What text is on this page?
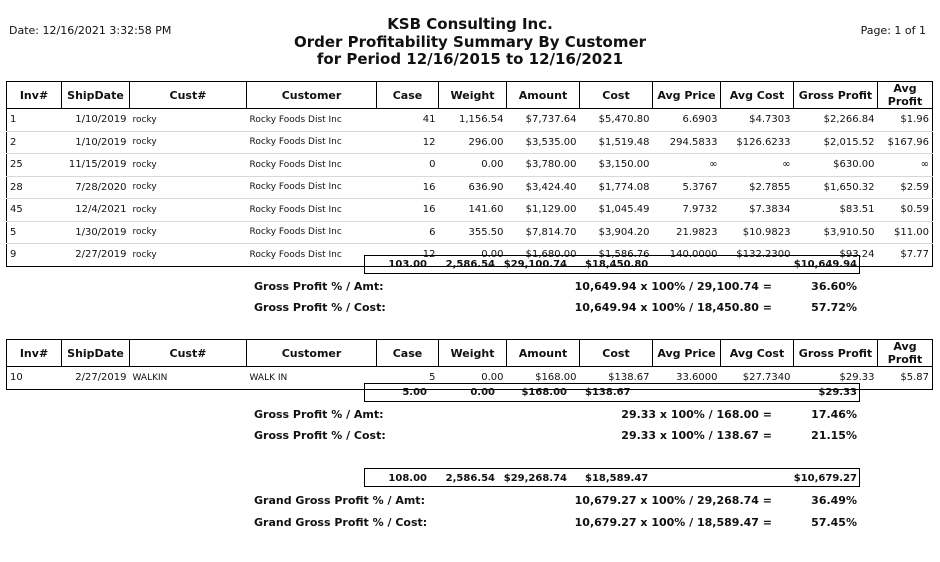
Date: 12/16/2021 3:32:58 PM	Page: 1 of 1
KSB Consulting Inc.
Order Profitability Summary By Customer
for Period 12/16/2015 to 12/16/2021
Inv#	ShipDate	Cust#	Customer	Case	Weight	Amount	Cost	Avg Price	Avg Cost	Gross Profit	Avg Profit
1	1/10/2019	rocky	Rocky Foods Dist Inc	41	1,156.54	$7,737.64	$5,470.80	6.6903	$4.7303	$2,266.84	$1.96
2	1/10/2019	rocky	Rocky Foods Dist Inc	12	296.00	$3,535.00	$1,519.48	294.5833	$126.6233	$2,015.52	$167.96
25	11/15/2019	rocky	Rocky Foods Dist Inc	0	0.00	$3,780.00	$3,150.00	∞	∞	$630.00	∞
28	7/28/2020	rocky	Rocky Foods Dist Inc	16	636.90	$3,424.40	$1,774.08	5.3767	$2.7855	$1,650.32	$2.59
45	12/4/2021	rocky	Rocky Foods Dist Inc	16	141.60	$1,129.00	$1,045.49	7.9732	$7.3834	$83.51	$0.59
5	1/30/2019	rocky	Rocky Foods Dist Inc	6	355.50	$7,814.70	$3,904.20	21.9823	$10.9823	$3,910.50	$11.00
9	2/27/2019	rocky	Rocky Foods Dist Inc	12	0.00	$1,680.00	$1,586.76	140.0000	$132.2300	$93.24	$7.77
103.00	2,586.54 $29,100.74 $18,450.80	$10,649.94
Gross Profit % / Amt:	10,649.94 x 100% / 29,100.74 =	36.60%
Gross Profit % / Cost:	10,649.94 x 100% / 18,450.80 =	57.72%
Inv#	ShipDate	Cust#	Customer	Case	Weight	Amount	Cost	Avg Price	Avg Cost	Gross Profit	Avg Profit
10	2/27/2019	WALKIN	WALK IN	5	0.00	$168.00	$138.67	33.6000	$27.7340	$29.33	$5.87
5.00	0.00	$168.00 $138.67	$29.33
Gross Profit % / Amt:	29.33 x 100% / 168.00 =	17.46%
Gross Profit % / Cost:	29.33 x 100% / 138.67 =	21.15%
108.00	2,586.54 $29,268.74 $18,589.47	$10,679.27
Grand Gross Profit % / Amt:	10,679.27 x 100% / 29,268.74 =	36.49%
Grand Gross Profit % / Cost:	10,679.27 x 100% / 18,589.47 =	57.45%
